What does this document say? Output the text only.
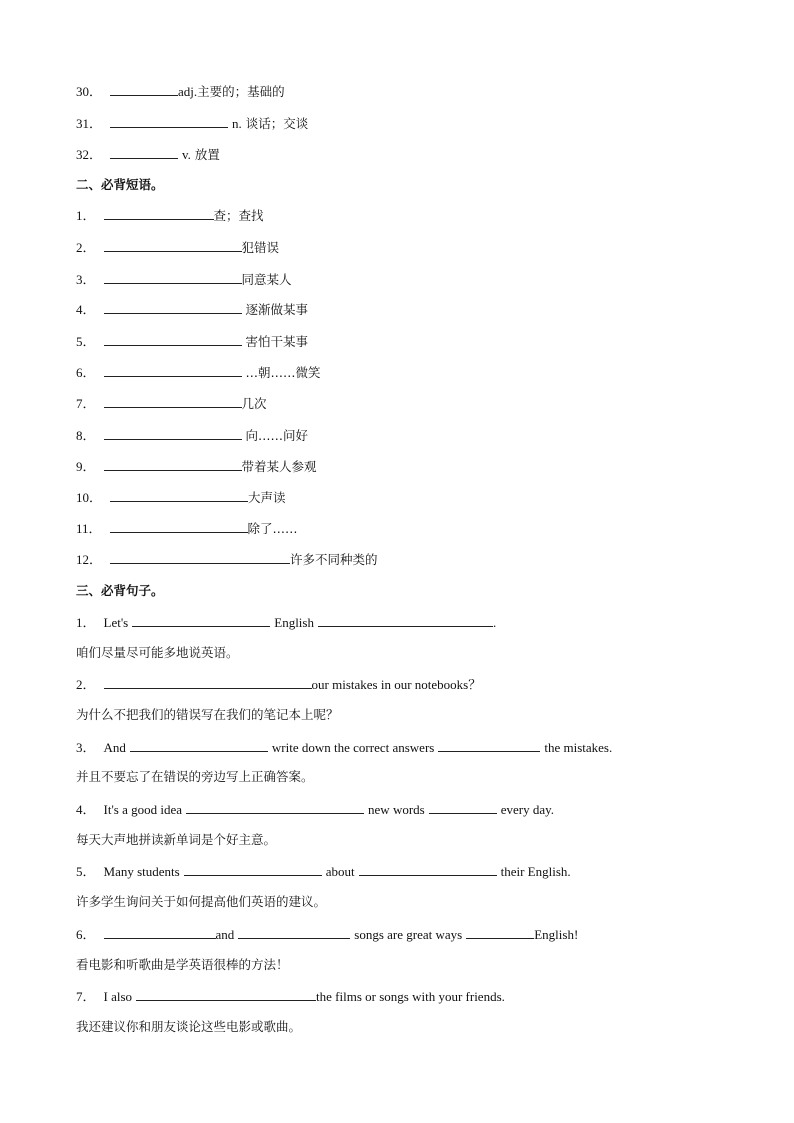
30．	adj.主要的；基础的
31．	n. 谈话；交谈
32．	v. 放置
二、必背短语。
1．	查；查找
2．	犯错误
3．	同意某人
4．	逐渐做某事
5．	害怕干某事
6．	…朝……微笑
7．	几次
8．	向……问好
9．	带着某人参观
10．	大声读
11．	除了……
12．	许多不同种类的
三、必背句子。
1． Let's	English	.
咱们尽量尽可能多地说英语。
2．	our mistakes in our notebooks？
为什么不把我们的错误写在我们的笔记本上呢？
3． And	write down the correct answers	the mistakes.
并且不要忘了在错误的旁边写上正确答案。
4． It's a good idea	new words	every day.
每天大声地拼读新单词是个好主意。
5． Many students	about	their English.
许多学生询问关于如何提高他们英语的建议。
6．	and	songs are great ways	English!
看电影和听歌曲是学英语很棒的方法！
7． I also	the films or songs with your friends.
我还建议你和朋友谈论这些电影或歌曲。
